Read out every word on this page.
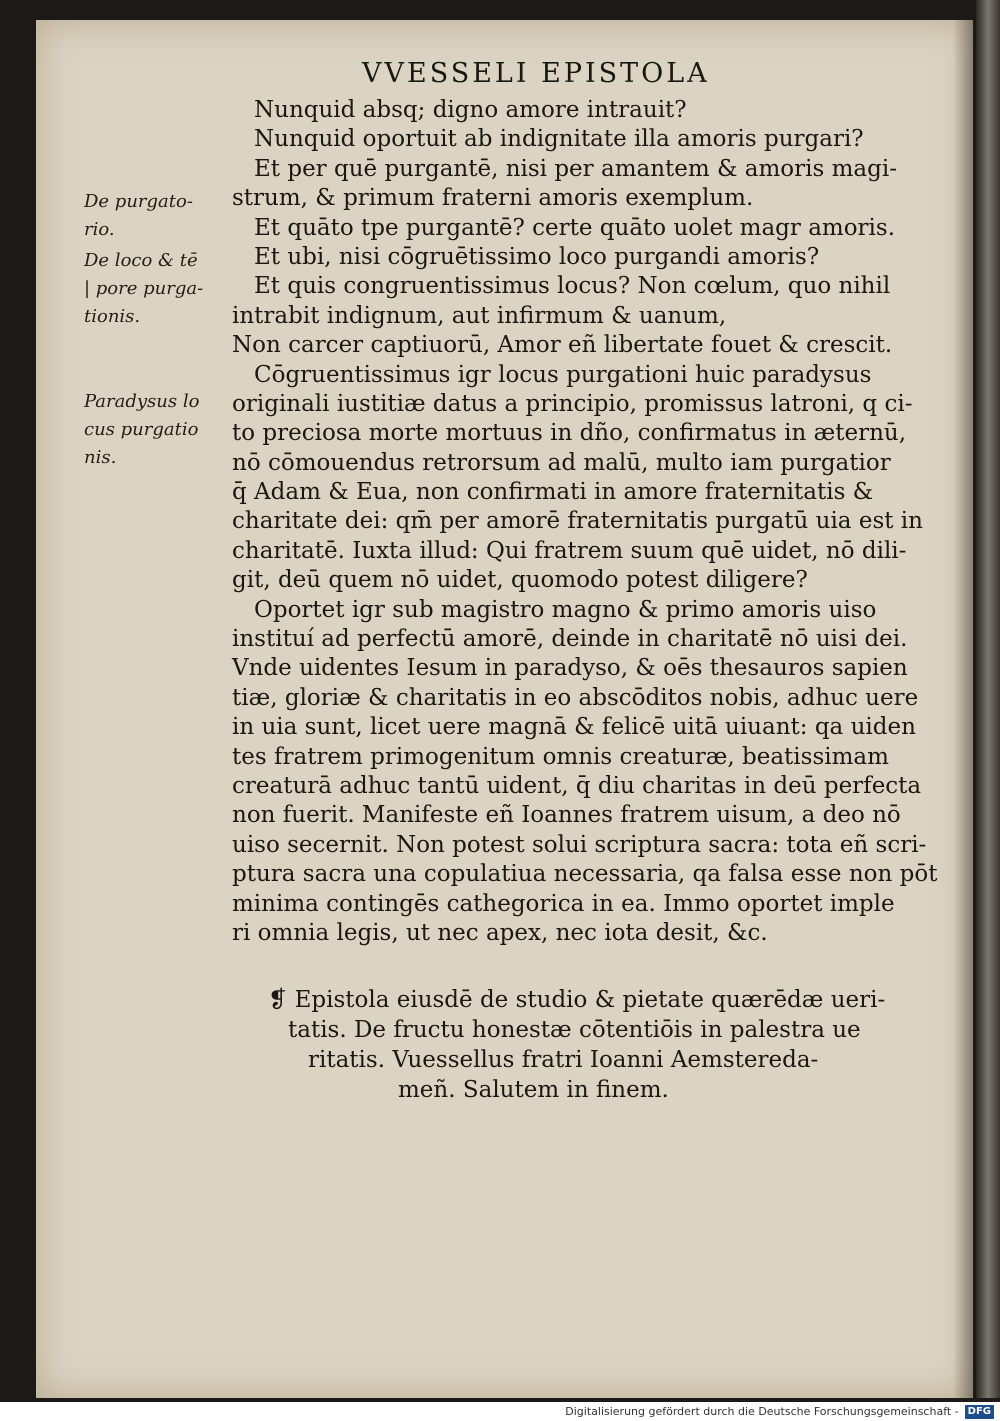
VVESSELI EPISTOLA

De purgato-
rio.

De loco & tē
| pore purga-
tionis.

Paradysus lo
cus purgatio
nis.

Nunquid absq; digno amore intrauit?
Nunquid oportuit ab indignitate illa amoris purgari?
Et per quē purgantē, nisi per amantem & amoris magi-
strum, & primum fraterni amoris exemplum.
Et quāto tpe purgantē? certe quāto uolet magr amoris.
Et ubi, nisi cōgruētissimo loco purgandi amoris?
Et quis congruentissimus locus? Non cœlum, quo nihil
intrabit indignum, aut infirmum & uanum,
Non carcer captiuorū, Amor eñ libertate fouet & crescit.
Cōgruentissimus igr locus purgationi huic paradysus
originali iustitiæ datus a principio, promissus latroni, q ci-
to preciosa morte mortuus in dño, confirmatus in æternū,
nō cōmouendus retrorsum ad malū, multo iam purgatior
q̄ Adam & Eua, non confirmati in amore fraternitatis &
charitate dei: qm̄ per amorē fraternitatis purgatū uia est in
charitatē. Iuxta illud: Qui fratrem suum quē uidet, nō dili-
git, deū quem nō uidet, quomodo potest diligere?
Oportet igr sub magistro magno & primo amoris uiso
instituí ad perfectū amorē, deinde in charitatē nō uisi dei.
Vnde uidentes Iesum in paradyso, & oēs thesauros sapien
tiæ, gloriæ & charitatis in eo abscōditos nobis, adhuc uere
in uia sunt, licet uere magnā & felicē uitā uiuant: qa uiden
tes fratrem primogenitum omnis creaturæ, beatissimam
creaturā adhuc tantū uident, q̄ diu charitas in deū perfecta
non fuerit. Manifeste eñ Ioannes fratrem uisum, a deo nō
uiso secernit. Non potest solui scriptura sacra: tota eñ scri-
ptura sacra una copulatiua necessaria, qa falsa esse non pōt
minima contingēs cathegorica in ea. Immo oportet imple
ri omnia legis, ut nec apex, nec iota desit, &c.
❡ Epistola eiusdē de studio & pietate quærēdæ ueri-
tatis. De fructu honestæ cōtentiōis in palestra ue
ritatis. Vuessellus fratri Ioanni Aemstereda-
meñ. Salutem in finem.
Digitalisierung gefördert durch die Deutsche Forschungsgemeinschaft - DFG
